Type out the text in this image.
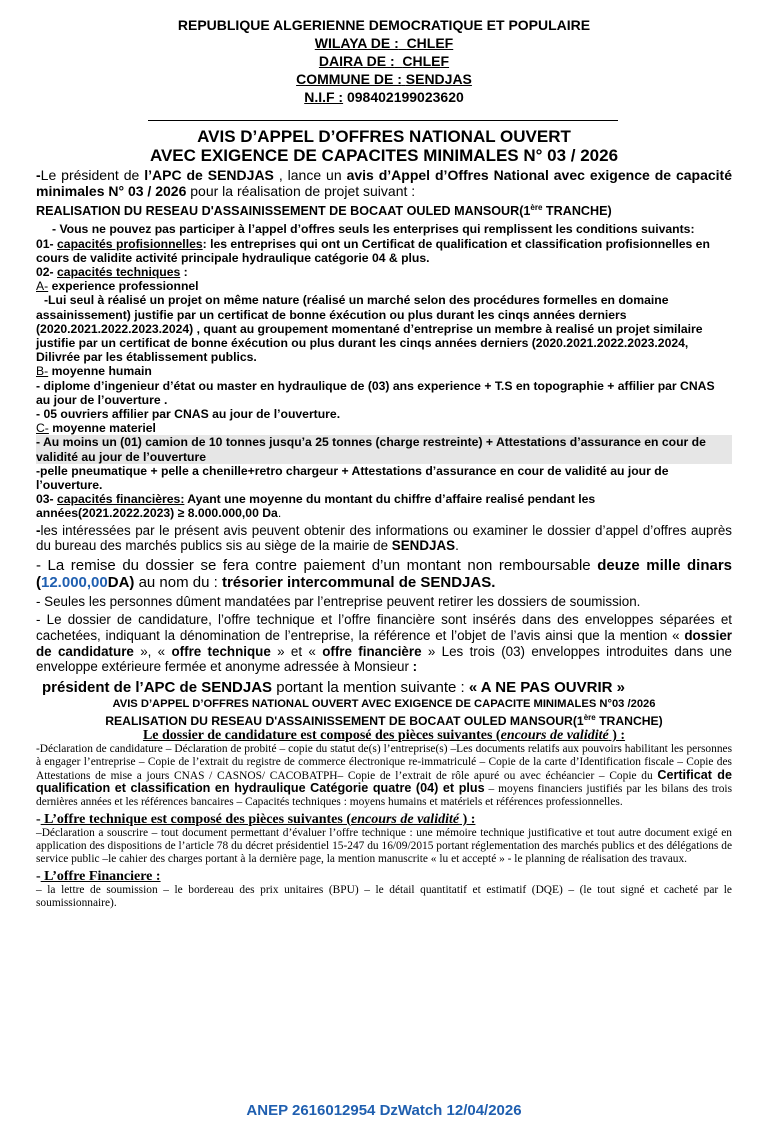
REPUBLIQUE ALGERIENNE DEMOCRATIQUE ET POPULAIRE
WILAYA DE : CHLEF
DAIRA DE : CHLEF
COMMUNE DE : SENDJAS
N.I.F : 098402199023620
AVIS D’APPEL D’OFFRES NATIONAL OUVERT
AVEC EXIGENCE DE CAPACITES MINIMALES N° 03 / 2026

-Le président de l’APC de SENDJAS , lance un avis d’Appel d’Offres National avec exigence de capacité minimales N° 03 / 2026 pour la réalisation de projet suivant :

REALISATION DU RESEAU D'ASSAINISSEMENT DE BOCAAT OULED MANSOUR(1ère TRANCHE)

- Vous ne pouvez pas participer à l’appel d’offres seuls les enterprises qui remplissent les conditions suivants:

01- capacités profisionnelles: les entreprises qui ont un Certificat de qualification et classification profisionnelles en cours de validite activité principale hydraulique catégorie 04 & plus.

02- capacités techniques :

A- experience professionnel

-Lui seul à réalisé un projet on même nature (réalisé un marché selon des procédures formelles en domaine assainissement) justifie par un certificat de bonne éxécution ou plus durant les cinqs années derniers (2020.2021.2022.2023.2024) , quant au groupement momentané d’entreprise un membre à realisé un projet similaire justifie par un certificat de bonne éxécution ou plus durant les cinqs années derniers (2020.2021.2022.2023.2024, Dilivrée par les établissement publics.

B- moyenne humain

- diplome d’ingenieur d’état ou master en hydraulique de (03) ans experience + T.S en topographie + affilier par CNAS au jour de l’ouverture .

- 05 ouvriers affilier par CNAS au jour de l’ouverture.

C- moyenne materiel

- Au moins un (01) camion de 10 tonnes jusqu’a 25 tonnes (charge restreinte) + Attestations d’assurance en cour de validité au jour de l’ouverture

-pelle pneumatique + pelle a chenille+retro chargeur + Attestations d’assurance en cour de validité au jour de l’ouverture.

03- capacités financières: Ayant une moyenne du montant du chiffre d’affaire realisé pendant les années(2021.2022.2023) ≥ 8.000.000,00 Da.

-les intéressées par le présent avis peuvent obtenir des informations ou examiner le dossier d’appel d’offres auprès du bureau des marchés publics sis au siège de la mairie de SENDJAS.

- La remise du dossier se fera contre paiement d’un montant non remboursable deuze mille dinars (12.000,00DA) au nom du : trésorier intercommunal de SENDJAS.

- Seules les personnes dûment mandatées par l’entreprise peuvent retirer les dossiers de soumission.

- Le dossier de candidature, l’offre technique et l’offre financière sont insérés dans des enveloppes séparées et cachetées, indiquant la dénomination de l’entreprise, la référence et l’objet de l’avis ainsi que la mention « dossier de candidature », « offre technique » et « offre financière » Les trois (03) enveloppes introduites dans une enveloppe extérieure fermée et anonyme adressée à Monsieur :

président de l’APC de SENDJAS portant la mention suivante : « A NE PAS OUVRIR »

AVIS D’APPEL D’OFFRES NATIONAL OUVERT AVEC EXIGENCE DE CAPACITE MINIMALES N°03 /2026
REALISATION DU RESEAU D'ASSAINISSEMENT DE BOCAAT OULED MANSOUR(1ère TRANCHE)
Le dossier de candidature est composé des pièces suivantes (encours de validité ) :

-Déclaration de candidature – Déclaration de probité – copie du statut de(s) l’entreprise(s) –Les documents relatifs aux pouvoirs habilitant les personnes à engager l’entreprise – Copie de l’extrait du registre de commerce électronique re-immatriculé – Copie de la carte d’Identification fiscale – Copie des Attestations de mise a jours CNAS / CASNOS/ CACOBATPH– Copie de l’extrait de rôle apuré ou avec échéancier – Copie du Certificat de qualification et classification en hydraulique Catégorie quatre (04) et plus – moyens financiers justifiés par les bilans des trois dernières années et les références bancaires – Capacités techniques : moyens humains et matériels et références professionnelles.

- L’offre technique est composé des pièces suivantes (encours de validité ) :

–Déclaration a souscrire – tout document permettant d’évaluer l’offre technique : une mémoire technique justificative et tout autre document exigé en application des dispositions de l’article 78 du décret présidentiel 15-247 du 16/09/2015 portant réglementation des marchés publics et des délégations de service public –le cahier des charges portant à la dernière page, la mention manuscrite « lu et accepté » - le planning de réalisation des travaux.

- L’offre Financiere :

– la lettre de soumission – le bordereau des prix unitaires (BPU) – le détail quantitatif et estimatif (DQE) – (le tout signé et cacheté par le soumissionnaire).

ANEP 2616012954 DzWatch 12/04/2026
